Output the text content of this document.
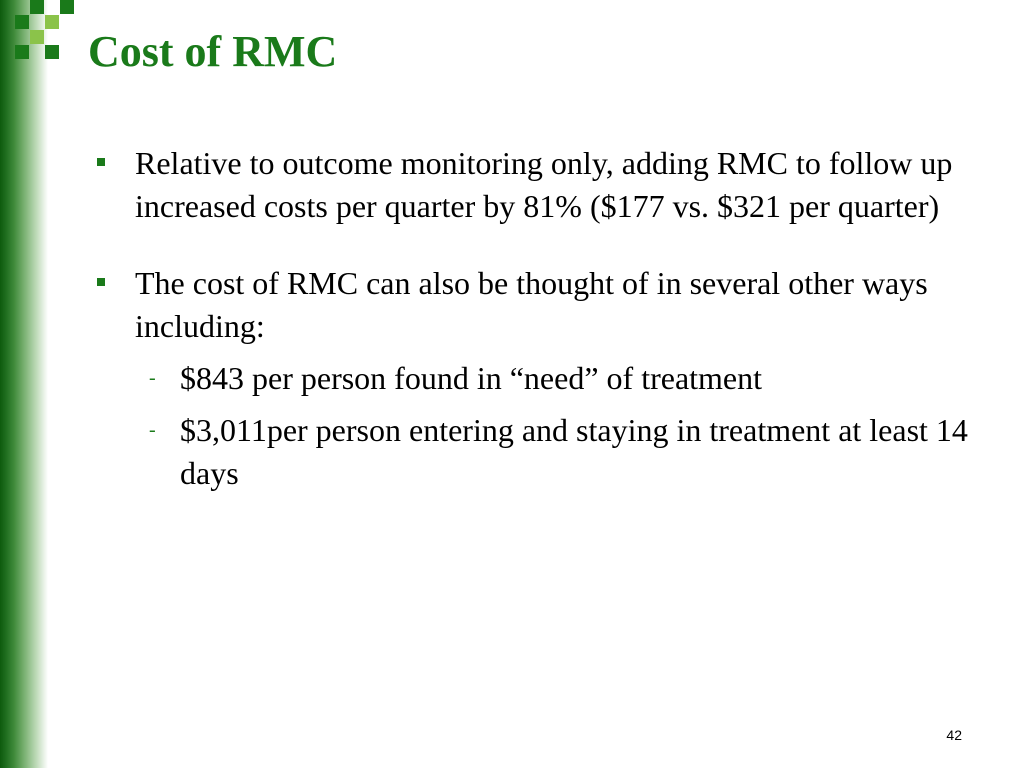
Cost of RMC

Relative to outcome monitoring only, adding RMC to follow up increased costs per quarter by 81% ($177 vs. $321 per quarter)

The cost of RMC can also be thought of in several other ways including:
- $843 per person found in “need” of treatment
- $3,011per person entering and staying in treatment at least 14 days
42
